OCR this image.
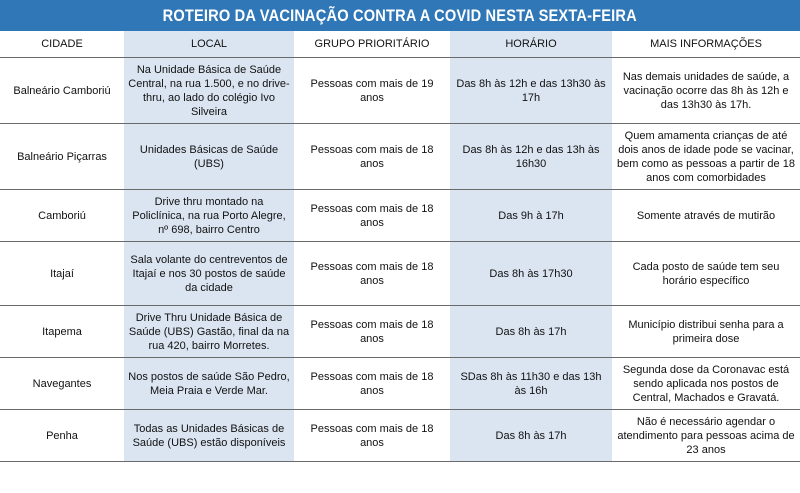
ROTEIRO DA VACINAÇÃO CONTRA A COVID NESTA SEXTA-FEIRA
CIDADE	LOCAL	GRUPO PRIORITÁRIO	HORÁRIO	MAIS INFORMAÇÕES
Balneário Camboriú	Na Unidade Básica de Saúde Central, na rua 1.500, e no drive-thru, ao lado do colégio Ivo Silveira	Pessoas com mais de 19 anos	Das 8h às 12h e das 13h30 às 17h	Nas demais unidades de saúde, a vacinação ocorre das 8h às 12h e das 13h30 às 17h.
Balneário Piçarras	Unidades Básicas de Saúde (UBS)	Pessoas com mais de 18 anos	Das 8h às 12h e das 13h às 16h30	Quem amamenta crianças de até dois anos de idade pode se vacinar, bem como as pessoas a partir de 18 anos com comorbidades
Camboriú	Drive thru montado na Policlínica, na rua Porto Alegre, nº 698, bairro Centro	Pessoas com mais de 18 anos	Das 9h à 17h	Somente através de mutirão
Itajaí	Sala volante do centreventos de Itajaí e nos 30 postos de saúde da cidade	Pessoas com mais de 18 anos	Das 8h às 17h30	Cada posto de saúde tem seu horário específico
Itapema	Drive Thru Unidade Básica de Saúde (UBS) Gastão, final da na rua 420, bairro Morretes.	Pessoas com mais de 18 anos	Das 8h às 17h	Município distribui senha para a primeira dose
Navegantes	Nos postos de saúde São Pedro, Meia Praia e Verde Mar.	Pessoas com mais de 18 anos	SDas 8h às 11h30 e das 13h às 16h	Segunda dose da Coronavac está sendo aplicada nos postos de Central, Machados e Gravatá.
Penha	Todas as Unidades Básicas de Saúde (UBS) estão disponíveis	Pessoas com mais de 18 anos	Das 8h às 17h	Não é necessário agendar o atendimento para pessoas acima de 23 anos
